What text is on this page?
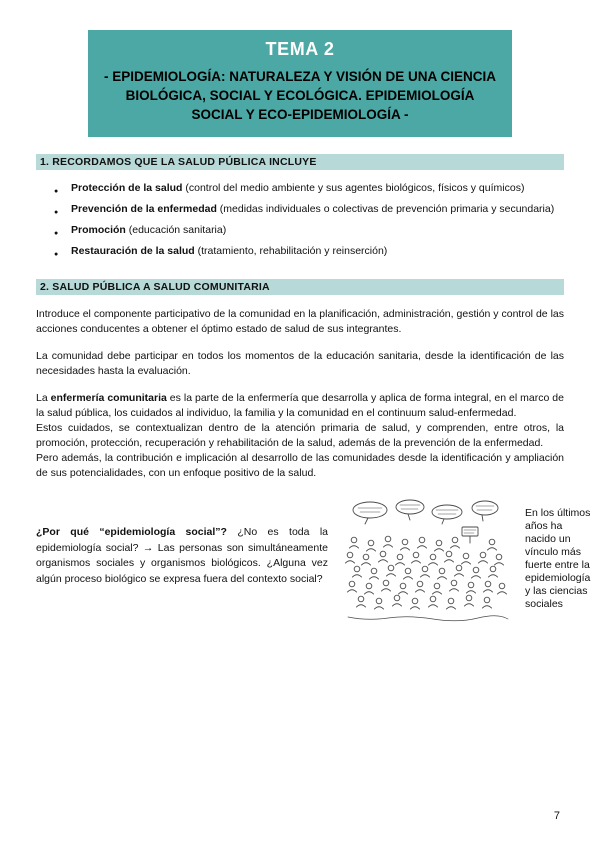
TEMA 2
- EPIDEMIOLOGÍA: NATURALEZA Y VISIÓN DE UNA CIENCIA BIOLÓGICA, SOCIAL Y ECOLÓGICA. EPIDEMIOLOGÍA SOCIAL Y ECO-EPIDEMIOLOGÍA -
1. RECORDAMOS QUE LA SALUD PÚBLICA INCLUYE
●	Protección de la salud (control del medio ambiente y sus agentes biológicos, físicos y químicos)
●	Prevención de la enfermedad (medidas individuales o colectivas de prevención primaria y secundaria)
●	Promoción (educación sanitaria)
●	Restauración de la salud (tratamiento, rehabilitación y reinserción)
2. SALUD PÚBLICA A SALUD COMUNITARIA

Introduce el componente participativo de la comunidad en la planificación, administración, gestión y control de las acciones conducentes a obtener el óptimo estado de salud de sus integrantes.

La comunidad debe participar en todos los momentos de la educación sanitaria, desde la identificación de las necesidades hasta la evaluación.

La enfermería comunitaria es la parte de la enfermería que desarrolla y aplica de forma integral, en el marco de la salud pública, los cuidados al individuo, la familia y la comunidad en el continuum salud-enfermedad.

Estos cuidados, se contextualizan dentro de la atención primaria de salud, y comprenden, entre otros, la promoción, protección, recuperación y rehabilitación de la salud, además de la prevención de la enfermedad.

Pero además, la contribución e implicación al desarrollo de las comunidades desde la identificación y ampliación de sus potencialidades, con un enfoque positivo de la salud.

¿Por qué “epidemiología social”? ¿No es toda la epidemiología social? → Las personas son simultáneamente organismos sociales y organismos biológicos. ¿Alguna vez algún proceso biológico se expresa fuera del contexto social?

En los últimos años ha nacido un vínculo más fuerte entre la epidemiología y las ciencias sociales
7
